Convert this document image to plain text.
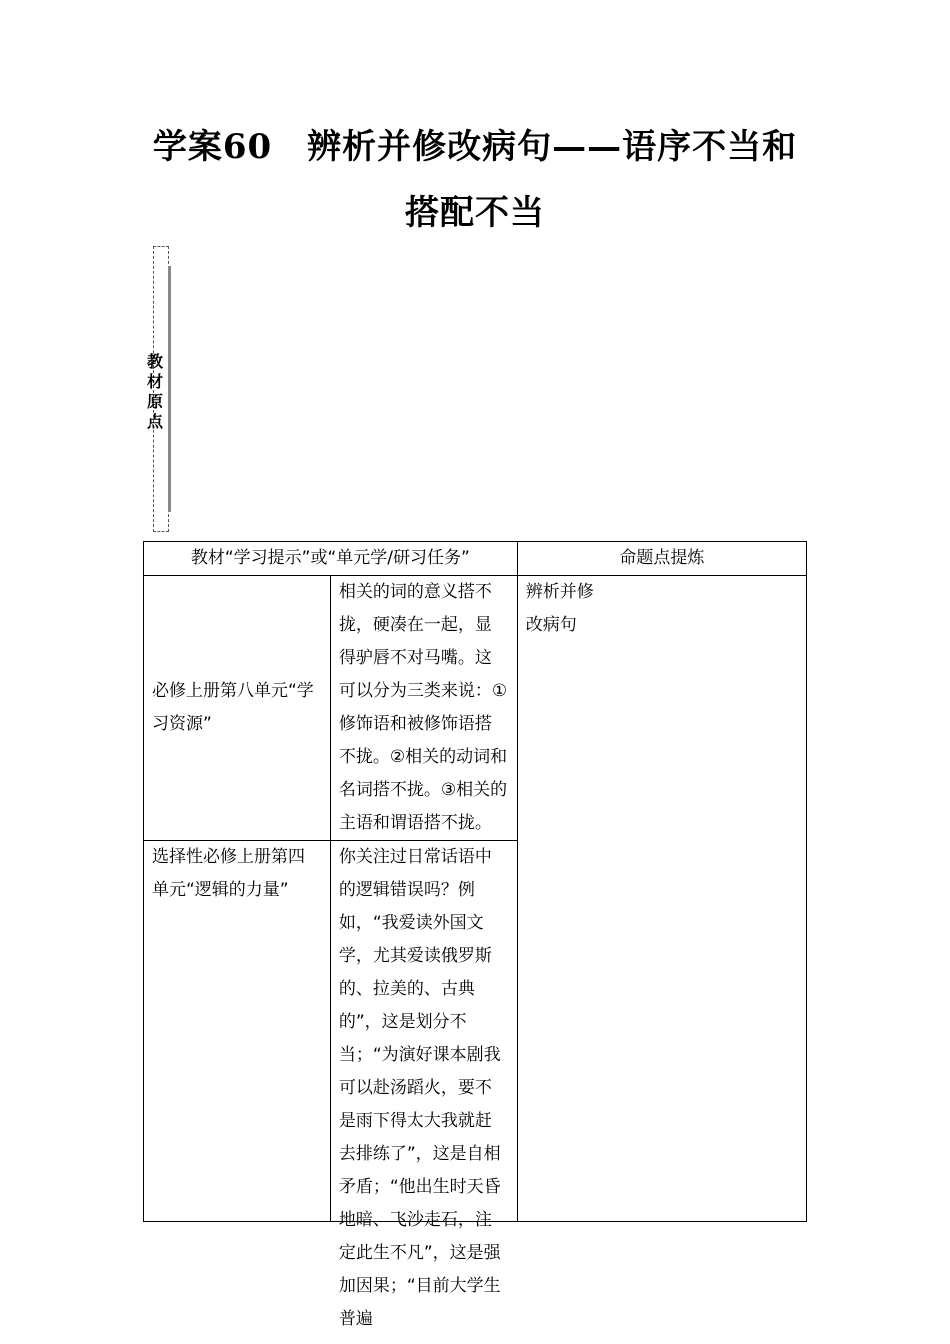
学案60　辨析并修改病句——语序不当和
搭配不当
教材原点
教材“学习提示”或“单元学/研习任务”		命题点提炼
必修上册第八单元“学习资源”	相关的词的意义搭不拢，硬凑在一起，显得驴唇不对马嘴。这可以分为三类来说：①修饰语和被修饰语搭不拢。②相关的动词和名词搭不拢。③相关的主语和谓语搭不拢。	辨析并修
改病句

选择性必修上册第四单元“逻辑的力量”	你关注过日常话语中的逻辑错误吗？例如，“我爱读外国文学，尤其爱读俄罗斯的、拉美的、古典的”，这是划分不当；“为演好课本剧我可以赴汤蹈火，要不是雨下得太大我就赶去排练了”，这是自相矛盾；“他出生时天昏地暗、飞沙走石，注定此生不凡”，这是强加因果；“目前大学生普遍	
